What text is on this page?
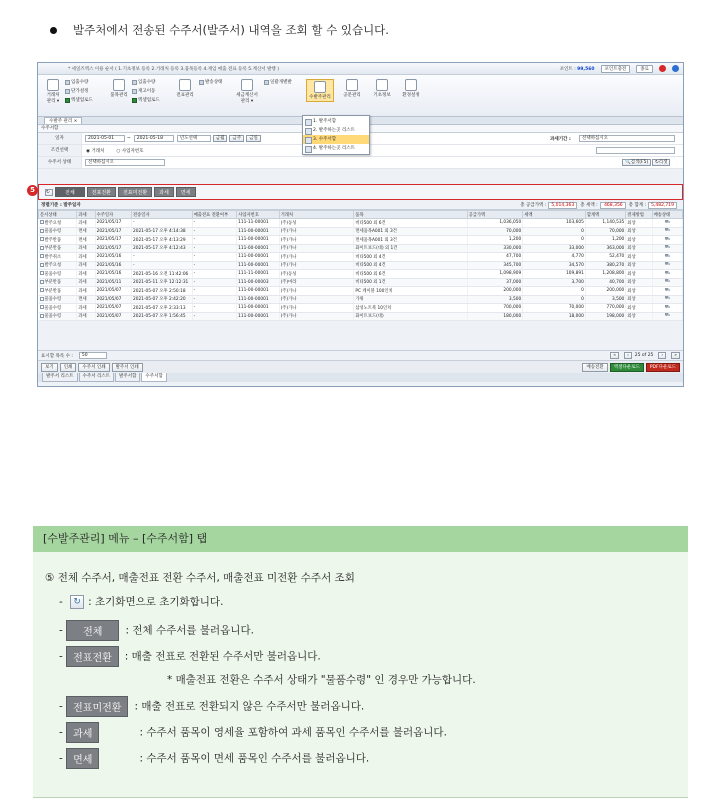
발주처에서 전송된 수주서(발주서) 내역을 조회 할 수 있습니다.
* 세일즈엑스 이용 순서 ( 1.기초정보 등록 2.거래처 등록 3.품목등록 4.재입 매출 전표 등록 5.계산서 발행 )	포인트 : 99,560	포인트충전	종료
거래처
관리 ▾
입출수량
단가설정
엑셀업로드
품목관리
입출수량
재고이동
엑셀업로드
전표관리
발송상태
세금계산서
관리 ▾
일괄개별발
수발주관리	공문관리	기초정보	환경설정
1. 발주서함
2. 발주하는곳 리스트
3. 수주서함
4. 발주하는곳 리스트
수발주 관리 ×
수주서함
일자	2021-05-01	~	2021-05-18	년도선택	금월	금주	금일	과세기간 :	선택하십시오
조건선택	◉ 거래처	○ 사업자번호
수주서 상태	선택하십시오	🔍검색(F5)	↻리셋
↻	전체	전표전환	전표미전환	과세	면세
정렬기준 : 발주일자	총 공급가액 :	5,014,363	총 세액 :	468,356	총 합계 :	5,482,719
문서상태	과세	수주일자	전송일자	매출전표 전환여부	사업자번호	거래처	품목	공급가액	세액	합계액	결제방법	배송상태
발주요청	과세	2021/05/17	-	-	111-11-00001	(주)동성	비타500 외 6건	1,036,050	103,605	1,140,535	외상	⛟
물품수령	면세	2021/05/17	2021-05-17 오후 4:14:38	-	111-00-00001	(주)가나	면세품목A001 외 3건	70,000	0	70,000	외상	⛟
발주반품	면세	2021/05/17	2021-05-17 오후 4:13:29	-	111-00-00001	(주)가나	면세품목A001 외 3건	1,200	0	1,200	외상	⛟
부분반품	과세	2021/05/17	2021-05-17 오후 4:12:43	-	111-00-00001	(주)가나	화이트보드(대) 외 1건	330,000	33,000	363,000	외상	⛟
발주취소	과세	2021/05/16	-	-	111-00-00001	(주)가나	비타500 외 4건	47,700	4,770	52,470	외상	⛟
발주요청	과세	2021/05/16	-	-	111-00-00001	(주)가나	비타500 외 4건	345,700	34,570	380,270	외상	⛟
물품수령	과세	2021/05/16	2021-05-16 오전 11:42:06	-	111-11-00001	(주)동성	비타500 외 6건	1,098,909	109,891	1,208,800	외상	⛟
부분반품	과세	2021/05/11	2021-05-11 오후 12:12:31	-	111-00-00003	(주)마라	비타500 외 1건	37,000	3,700	40,700	외상	⛟
부분반품	과세	2021/05/07	2021-05-07 오후 2:50:18	-	111-00-00001	(주)가나	PC 케이블 100인치	200,000	0	200,000	외상	⛟
물품수령	면세	2021/05/07	2021-05-07 오후 2:42:20	-	111-00-00001	(주)가나	가위	3,500	0	3,500	외상	⛟
물품수령	과세	2021/05/07	2021-05-07 오후 2:33:13	-	111-00-00001	(주)가나	삼성노트북 10인치	700,000	70,000	770,000	외상	⛟
물품수령	과세	2021/05/07	2021-05-07 오후 1:56:45	-	111-00-00001	(주)가나	화이트보드(대)	180,000	18,000	198,000	외상	⛟
표시할 목록 수 :	50	«	‹	25 of 25	›	»
보기	인쇄	수주서 인쇄	발주서 인쇄	배송전환	엑셀다운로드	PDF다운로드
발주서 리스트	수주서 리스트	발주서함	수주서함
5
[수발주관리] 메뉴 – [수주서함] 탭
⑤ 전체 수주서, 매출전표 전환 수주서, 매출전표 미전환 수주서 조회
- ↻ : 초기화면으로 초기화합니다.
- 전체 : 전체 수주서를 불러옵니다.
- 전표전환 : 매출 전표로 전환된 수주서만 불러옵니다.
* 매출전표 전환은 수주서 상태가 "물품수령" 인 경우만 가능합니다.
- 전표미전환 : 매출 전표로 전환되지 않은 수주서만 불러옵니다.
- 과세	: 수주서 품목이 영세율 포함하여 과세 품목인 수주서를 불러옵니다.
- 면세	: 수주서 품목이 면세 품목인 수주서를 불러옵니다.
